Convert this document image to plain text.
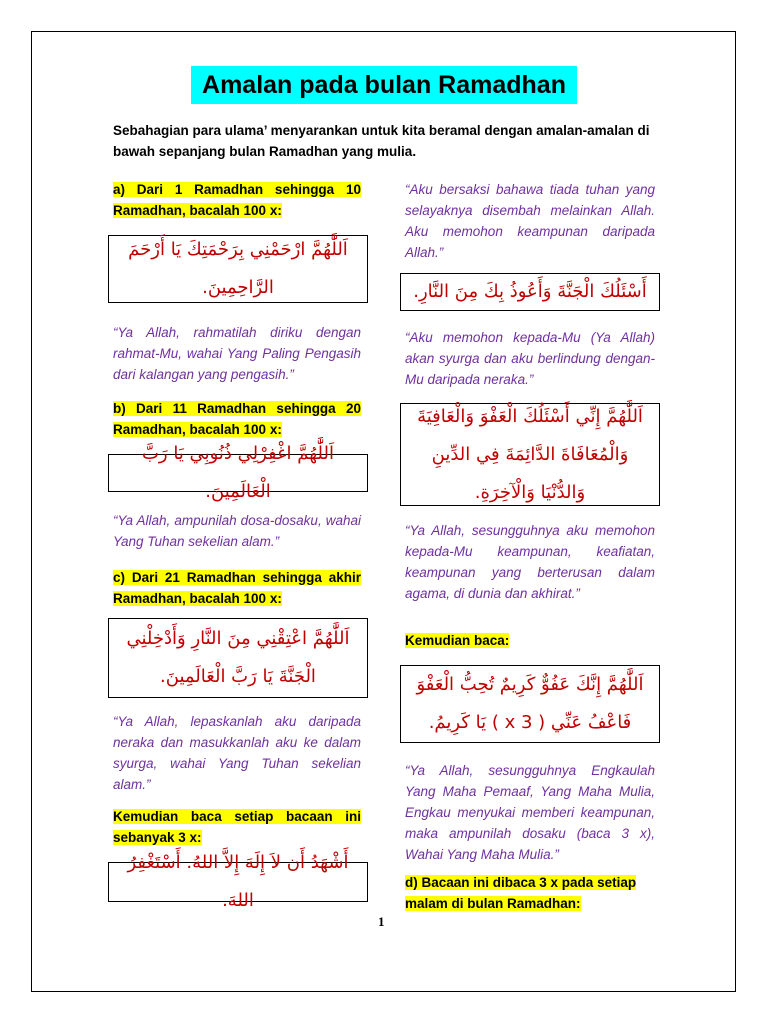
Amalan pada bulan Ramadhan
Sebahagian para ulama’ menyarankan untuk kita beramal dengan amalan-amalan di bawah sepanjang bulan Ramadhan yang mulia.
a) Dari 1 Ramadhan sehingga 10 Ramadhan, bacalah 100 x:
اَللَّٰهُمَّ ارْحَمْنِي بِرَحْمَتِكَ يَا أَرْحَمَ الرَّاحِمِينَ.
“Ya Allah, rahmatilah diriku dengan rahmat-Mu, wahai Yang Paling Pengasih dari kalangan yang pengasih.”
b) Dari 11 Ramadhan sehingga 20 Ramadhan, bacalah 100 x:
اَللَّٰهُمَّ اغْفِرْلِي ذُنُوبِي يَا رَبَّ الْعَالَمِينَ.
“Ya Allah, ampunilah dosa-dosaku, wahai Yang Tuhan sekelian alam.”
c) Dari 21 Ramadhan sehingga akhir Ramadhan, bacalah 100 x:
اَللَّٰهُمَّ اعْتِقْنِي مِنَ النَّارِ وَأَدْخِلْنِي الْجَنَّةَ يَا رَبَّ الْعَالَمِينَ.
“Ya Allah, lepaskanlah aku daripada neraka dan masukkanlah aku ke dalam syurga, wahai Yang Tuhan sekelian alam.”
Kemudian baca setiap bacaan ini sebanyak 3 x:
أَشْهَدُ أَن لاَ إِلَهَ إِلاَّ اللهُ. أَسْتَغْفِرُ اللهَ.
“Aku bersaksi bahawa tiada tuhan yang selayaknya disembah melainkan Allah. Aku memohon keampunan daripada Allah.”
أَسْئَلُكَ الْجَنَّةَ وَأَعُوذُ بِكَ مِنَ النَّارِ.
“Aku memohon kepada-Mu (Ya Allah) akan syurga dan aku berlindung dengan-Mu daripada neraka.”
اَللَّٰهُمَّ إِنِّي أَسْئَلُكَ الْعَفْوَ وَالْعَافِيَةَ وَالْمُعَافَاةَ الدَّائِمَةَ فِي الدِّينِ وَالدُّنْيَا وَالْآخِرَةِ.
“Ya Allah, sesungguhnya aku memohon kepada-Mu keampunan, keafiatan, keampunan yang berterusan dalam agama, di dunia dan akhirat.”
Kemudian baca:
اَللَّٰهُمَّ إِنَّكَ عَفُوٌّ كَرِيمٌ تُحِبُّ الْعَفْوَ فَاعْفُ عَنِّي ( 3 x ) يَا كَرِيمُ.
“Ya Allah, sesungguhnya Engkaulah Yang Maha Pemaaf, Yang Maha Mulia, Engkau menyukai memberi keampunan, maka ampunilah dosaku (baca 3 x), Wahai Yang Maha Mulia.”
d) Bacaan ini dibaca 3 x pada setiap malam di bulan Ramadhan:
1
